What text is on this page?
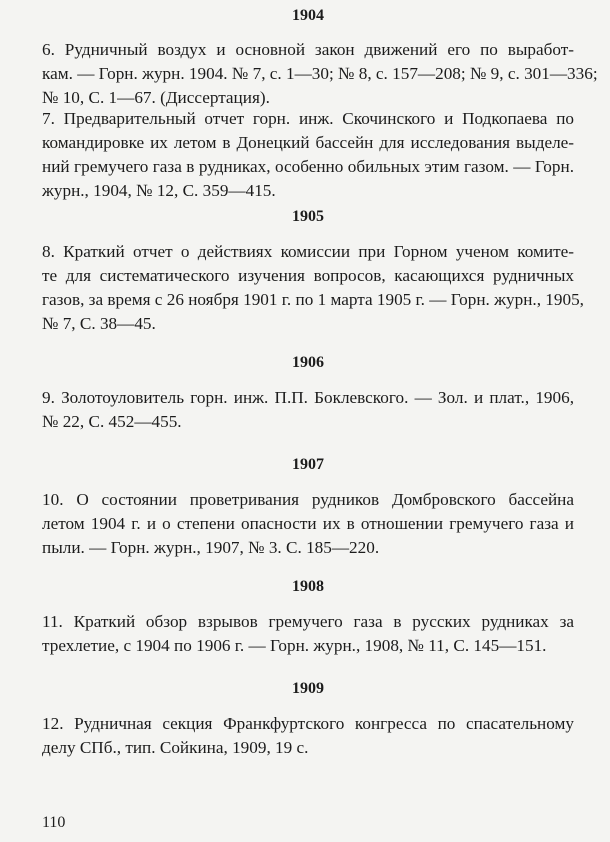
1904
6. Рудничный воздух и основной закон движений его по выработ-
кам. — Горн. журн. 1904. № 7, с. 1—30; № 8, с. 157—208; № 9, с. 301—336;
№ 10, С. 1—67. (Диссертация).
7. Предварительный отчет горн. инж. Скочинского и Подкопаева по
командировке их летом в Донецкий бассейн для исследования выделе-
ний гремучего газа в рудниках, особенно обильных этим газом. — Горн.
журн., 1904, № 12, С. 359—415.
1905
8. Краткий отчет о действиях комиссии при Горном ученом комите-
те для систематического изучения вопросов, касающихся рудничных
газов, за время с 26 ноября 1901 г. по 1 марта 1905 г. — Горн. журн., 1905,
№ 7, С. 38—45.
1906
9. Золотоуловитель горн. инж. П.П. Боклевского. — Зол. и плат., 1906,
№ 22, С. 452—455.
1907
10. О состоянии проветривания рудников Домбровского бассейна
летом 1904 г. и о степени опасности их в отношении гремучего газа и
пыли. — Горн. журн., 1907, № 3. С. 185—220.
1908
11. Краткий обзор взрывов гремучего газа в русских рудниках за
трехлетие, с 1904 по 1906 г. — Горн. журн., 1908, № 11, С. 145—151.
1909
12. Рудничная секция Франкфуртского конгресса по спасательному
делу СПб., тип. Сойкина, 1909, 19 с.
110
